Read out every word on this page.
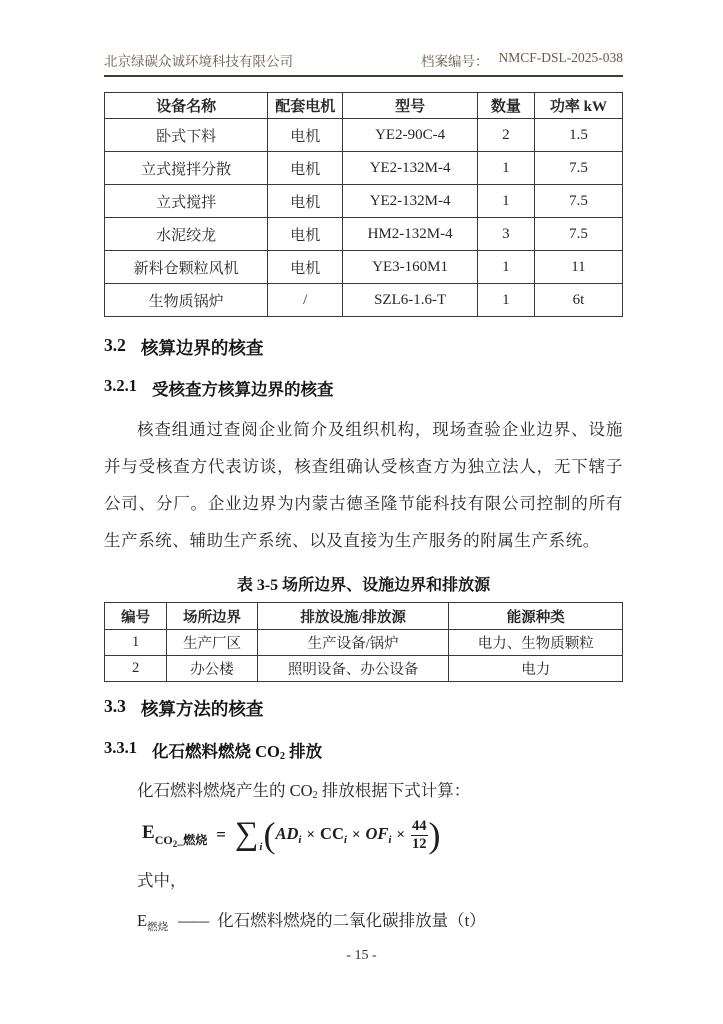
北京绿碳众诚环境科技有限公司	档案编号： NMCF-DSL-2025-038
设备名称	配套电机	型号	数量	功率 kW
卧式下料	电机	YE2-90C-4	2	1.5
立式搅拌分散	电机	YE2-132M-4	1	7.5
立式搅拌	电机	YE2-132M-4	1	7.5
水泥绞龙	电机	HM2-132M-4	3	7.5
新料仓颗粒风机	电机	YE3-160M1	1	11
生物质锅炉	/	SZL6-1.6-T	1	6t
3.2 核算边界的核查
3.2.1 受核查方核算边界的核查

核查组通过查阅企业简介及组织机构，现场查验企业边界、设施并与受核查方代表访谈，核查组确认受核查方为独立法人，无下辖子公司、分厂。企业边界为内蒙古德圣隆节能科技有限公司控制的所有生产系统、辅助生产系统、以及直接为生产服务的附属生产系统。

表 3-5 场所边界、设施边界和排放源
编号	场所边界	排放设施/排放源	能源种类
1	生产厂区	生产设备/锅炉	电力、生物质颗粒
2	办公楼	照明设备、办公设备	电力
3.3 核算方法的核查
3.3.1 化石燃料燃烧 CO2 排放
化石燃料燃烧产生的 CO2 排放根据下式计算：
$E_{CO_2\_燃烧}$ = ∑ i ( $AD_i \times CC_i \times OF_i \times \frac{44}{12}$ )
式中，
$E_{燃烧}$ —— 化石燃料燃烧的二氧化碳排放量（t）
- 15 -
